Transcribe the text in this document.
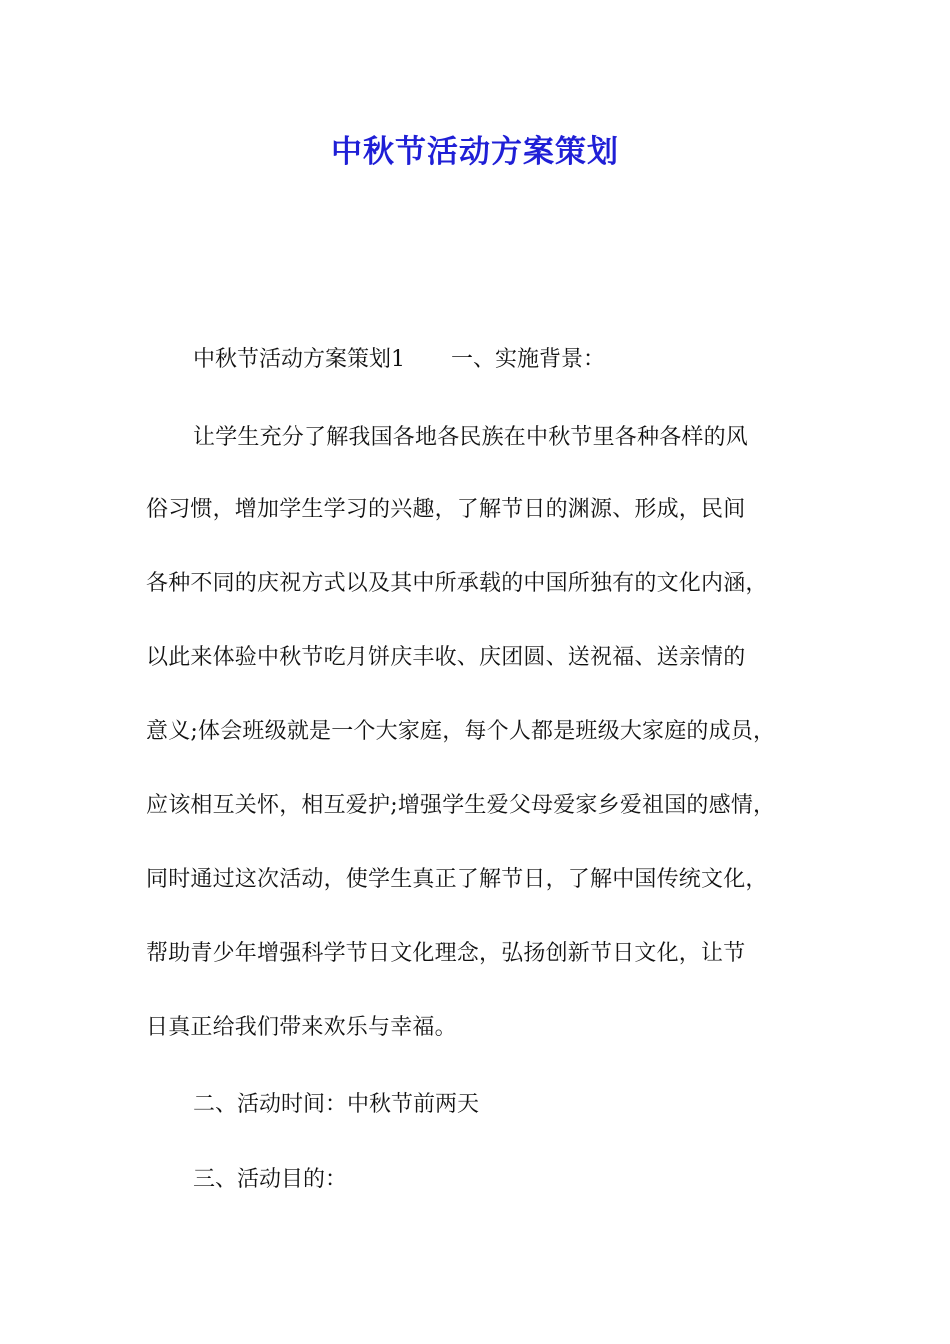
中秋节活动方案策划
中秋节活动方案策划1 一、实施背景：
让学生充分了解我国各地各民族在中秋节里各种各样的风
俗习惯，增加学生学习的兴趣，了解节日的渊源、形成，民间
各种不同的庆祝方式以及其中所承载的中国所独有的文化内涵，
以此来体验中秋节吃月饼庆丰收、庆团圆、送祝福、送亲情的
意义;体会班级就是一个大家庭，每个人都是班级大家庭的成员，
应该相互关怀，相互爱护;增强学生爱父母爱家乡爱祖国的感情，
同时通过这次活动，使学生真正了解节日，了解中国传统文化，
帮助青少年增强科学节日文化理念，弘扬创新节日文化，让节
日真正给我们带来欢乐与幸福。
二、活动时间：中秋节前两天
三、活动目的：
